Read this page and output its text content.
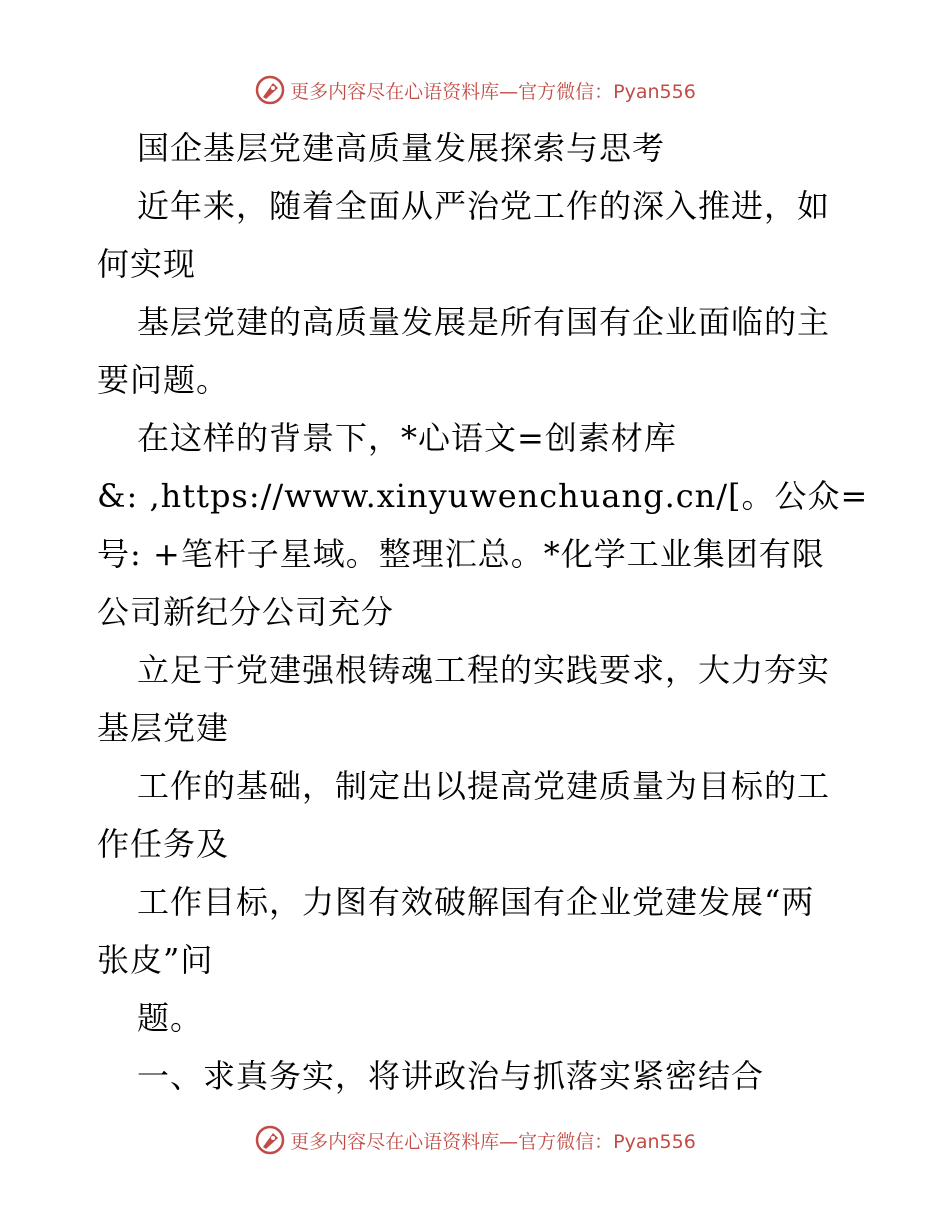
更多内容尽在心语资料库—官方微信：Pyan556
国企基层党建高质量发展探索与思考
近年来，随着全面从严治党工作的深入推进，如
何实现
基层党建的高质量发展是所有国有企业面临的主
要问题。
在这样的背景下，*心语文=创素材库
&: ,https://www.xinyuwenchuang.cn/[。公众=
号: +笔杆子星域。整理汇总。*化学工业集团有限
公司新纪分公司充分
立足于党建强根铸魂工程的实践要求，大力夯实
基层党建
工作的基础，制定出以提高党建质量为目标的工
作任务及
工作目标，力图有效破解国有企业党建发展“两
张皮”问
题。
一、求真务实，将讲政治与抓落实紧密结合
更多内容尽在心语资料库—官方微信：Pyan556
